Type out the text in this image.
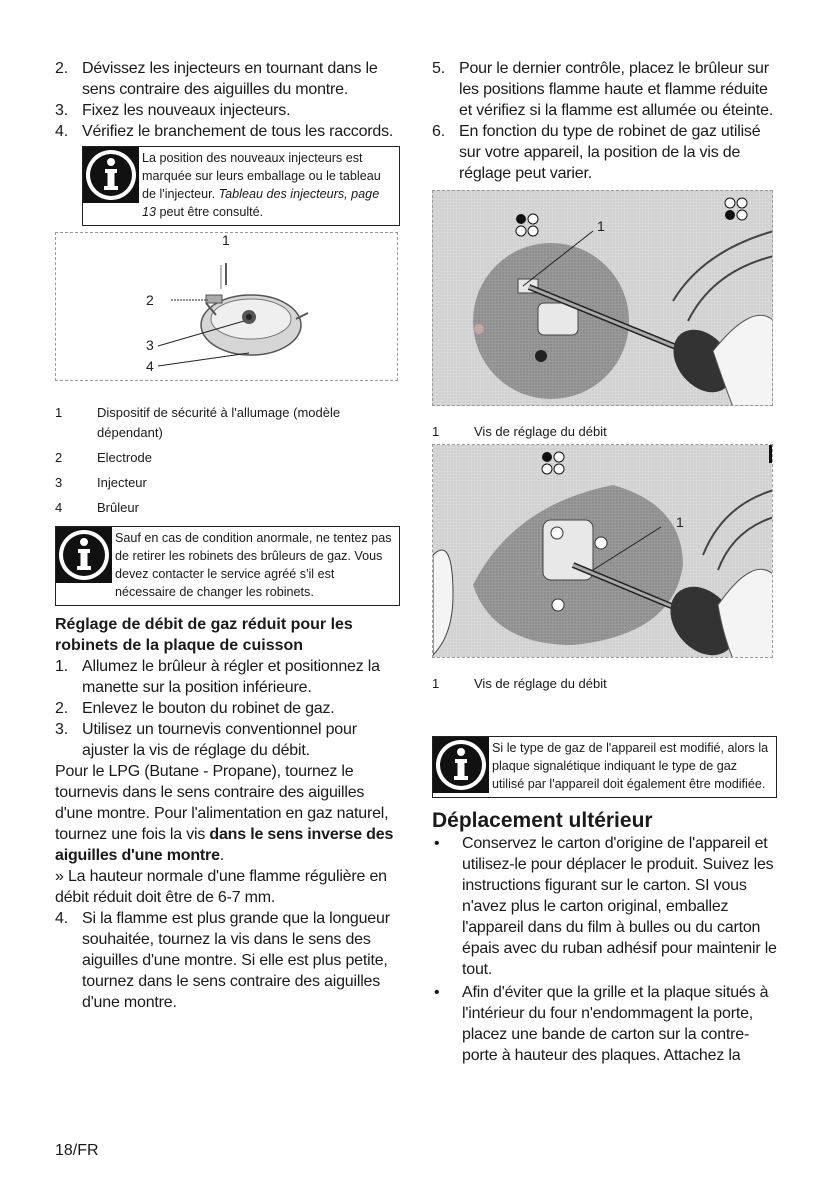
2. Dévissez les injecteurs en tournant dans le sens contraire des aiguilles du montre.
3. Fixez les nouveaux injecteurs.
4. Vérifiez le branchement de tous les raccords.
La position des nouveaux injecteurs est marquée sur leurs emballage ou le tableau de l'injecteur. Tableau des injecteurs, page 13 peut être consulté.
1
2
3
4
1	Dispositif de sécurité à l'allumage (modèle dépendant)
2	Electrode
3	Injecteur
4	Brûleur
Sauf en cas de condition anormale, ne tentez pas de retirer les robinets des brûleurs de gaz. Vous devez contacter le service agréé s'il est nécessaire de changer les robinets.
Réglage de débit de gaz réduit pour les robinets de la plaque de cuisson
1. Allumez le brûleur à régler et positionnez la manette sur la position inférieure.
2. Enlevez le bouton du robinet de gaz.
3. Utilisez un tournevis conventionnel pour ajuster la vis de réglage du débit.

Pour le LPG (Butane - Propane), tournez le tournevis dans le sens contraire des aiguilles d'une montre. Pour l'alimentation en gaz naturel, tournez une fois la vis dans le sens inverse des aiguilles d'une montre.

» La hauteur normale d'une flamme régulière en débit réduit doit être de 6-7 mm.

4. Si la flamme est plus grande que la longueur souhaitée, tournez la vis dans le sens des aiguilles d'une montre. Si elle est plus petite, tournez dans le sens contraire des aiguilles d'une montre.
5. Pour le dernier contrôle, placez le brûleur sur les positions flamme haute et flamme réduite et vérifiez si la flamme est allumée ou éteinte.
6. En fonction du type de robinet de gaz utilisé sur votre appareil, la position de la vis de réglage peut varier.
1
1	Vis de réglage du débit
1
1	Vis de réglage du débit
Si le type de gaz de l'appareil est modifié, alors la plaque signalétique indiquant le type de gaz utilisé par l'appareil doit également être modifiée.
Déplacement ultérieur
• Conservez le carton d'origine de l'appareil et utilisez-le pour déplacer le produit. Suivez les instructions figurant sur le carton. SI vous n'avez plus le carton original, emballez l'appareil dans du film à bulles ou du carton épais avec du ruban adhésif pour maintenir le tout.
• Afin d'éviter que la grille et la plaque situés à l'intérieur du four n'endommagent la porte, placez une bande de carton sur la contre-porte à hauteur des plaques. Attachez la
18/FR
